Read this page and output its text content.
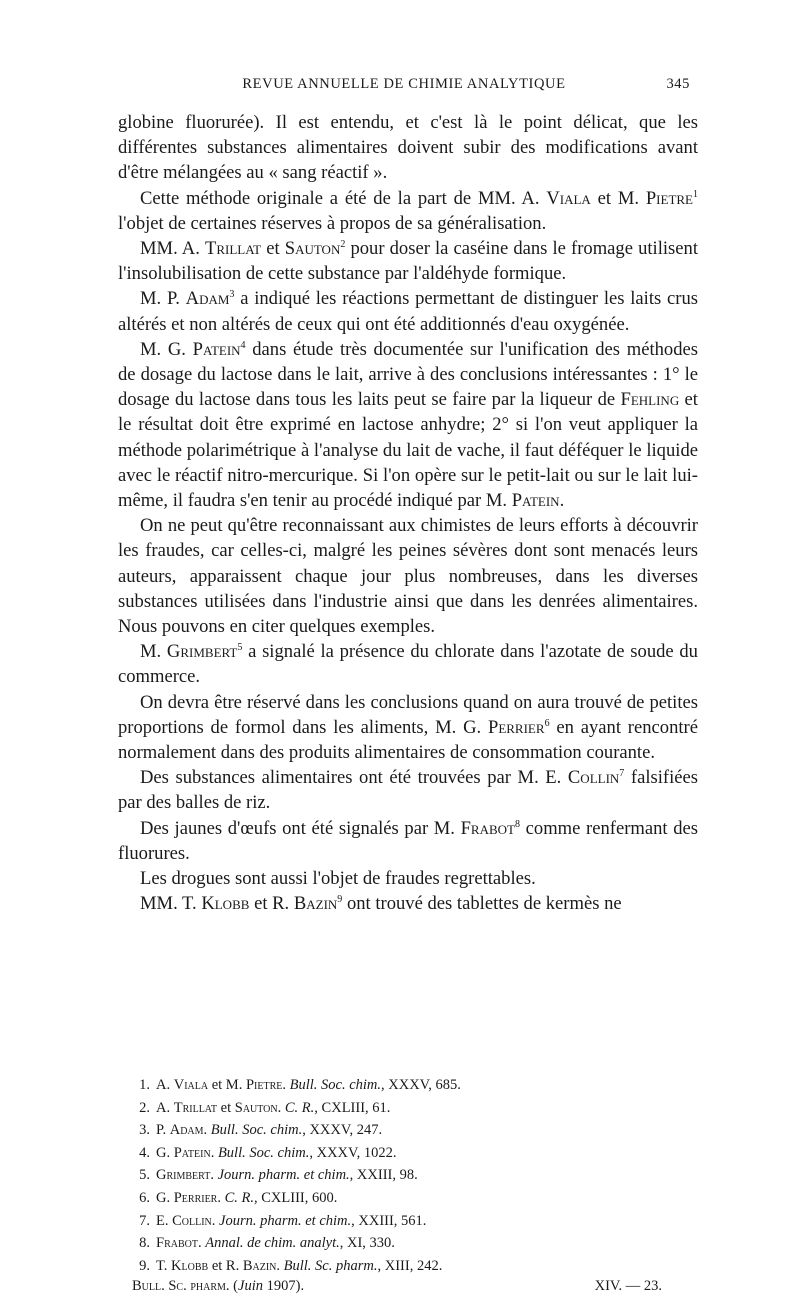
REVUE ANNUELLE DE CHIMIE ANALYTIQUE	345

globine fluorurée). Il est entendu, et c'est là le point délicat, que les différentes substances alimentaires doivent subir des modifications avant d'être mélangées au « sang réactif ».

Cette méthode originale a été de la part de MM. A. Viala et M. Pietre$^1$ l'objet de certaines réserves à propos de sa généralisation.

MM. A. Trillat et Sauton$^2$ pour doser la caséine dans le fromage utilisent l'insolubilisation de cette substance par l'aldéhyde formique.

M. P. Adam$^3$ a indiqué les réactions permettant de distinguer les laits crus altérés et non altérés de ceux qui ont été additionnés d'eau oxygénée.

M. G. Patein$^4$ dans étude très documentée sur l'unification des méthodes de dosage du lactose dans le lait, arrive à des conclusions intéressantes : 1° le dosage du lactose dans tous les laits peut se faire par la liqueur de Fehling et le résultat doit être exprimé en lactose anhydre; 2° si l'on veut appliquer la méthode polarimétrique à l'analyse du lait de vache, il faut déféquer le liquide avec le réactif nitro-mercurique. Si l'on opère sur le petit-lait ou sur le lait lui-même, il faudra s'en tenir au procédé indiqué par M. Patein.

On ne peut qu'être reconnaissant aux chimistes de leurs efforts à découvrir les fraudes, car celles-ci, malgré les peines sévères dont sont menacés leurs auteurs, apparaissent chaque jour plus nombreuses, dans les diverses substances utilisées dans l'industrie ainsi que dans les denrées alimentaires. Nous pouvons en citer quelques exemples.

M. Grimbert$^5$ a signalé la présence du chlorate dans l'azotate de soude du commerce.

On devra être réservé dans les conclusions quand on aura trouvé de petites proportions de formol dans les aliments, M. G. Perrier$^6$ en ayant rencontré normalement dans des produits alimentaires de consommation courante.

Des substances alimentaires ont été trouvées par M. E. Collin$^7$ falsifiées par des balles de riz.

Des jaunes d'œufs ont été signalés par M. Frabot$^8$ comme renfermant des fluorures.

Les drogues sont aussi l'objet de fraudes regrettables.

MM. T. Klobb et R. Bazin$^9$ ont trouvé des tablettes de kermès ne

1. A. Viala et M. Pietre. Bull. Soc. chim., XXXV, 685.
2. A. Trillat et Sauton. C. R., CXLIII, 61.
3. P. Adam. Bull. Soc. chim., XXXV, 247.
4. G. Patein. Bull. Soc. chim., XXXV, 1022.
5. Grimbert. Journ. pharm. et chim., XXIII, 98.
6. G. Perrier. C. R., CXLIII, 600.
7. E. Collin. Journ. pharm. et chim., XXIII, 561.
8. Frabot. Annal. de chim. analyt., XI, 330.
9. T. Klobb et R. Bazin. Bull. Sc. pharm., XIII, 242.
Bull. Sc. pharm. (Juin 1907).	XIV. — 23.
